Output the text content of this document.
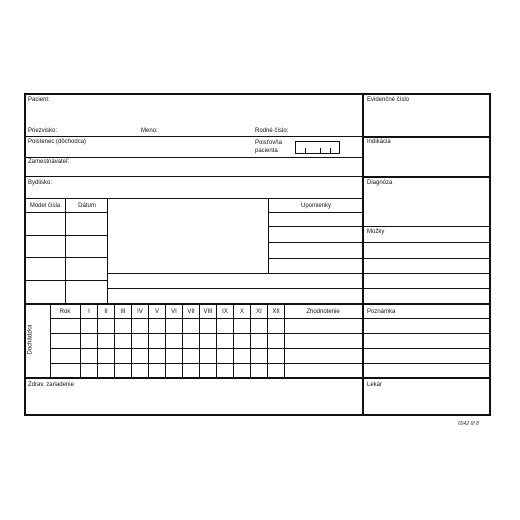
Pacient:
Priezvisko:	Meno:	Rodné číslo:
Poistenec (dôchodca)	Poisťovňa
pacienta
Zamestnávateľ:
Bydlisko:
Model čísla	Dátum	Upomienky
Rok	I II III IV V VI VII VIII IX X XI XII	Zhodnotenie
Dochádzka
Zdrav. zariadenie
Evidenčné číslo
Indikácia
Diagnóza
Možky
Poznámka
Lekár
6542 6f 8
